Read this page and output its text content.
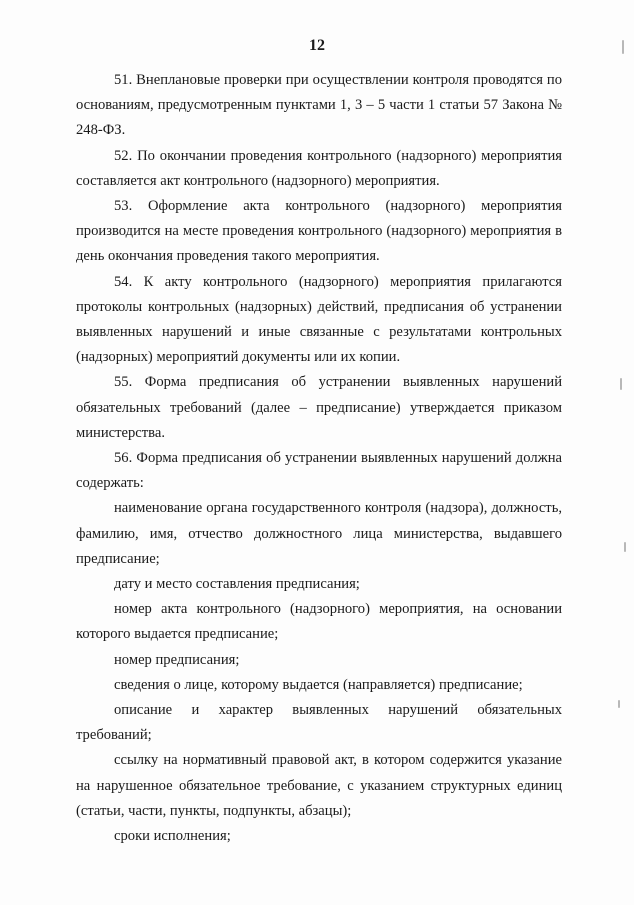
12

51. Внеплановые проверки при осуществлении контроля проводятся по основаниям, предусмотренным пунктами 1, 3 – 5 части 1 статьи 57 Закона № 248-ФЗ.

52. По окончании проведения контрольного (надзорного) мероприятия составляется акт контрольного (надзорного) мероприятия.

53. Оформление акта контрольного (надзорного) мероприятия производится на месте проведения контрольного (надзорного) мероприятия в день окончания проведения такого мероприятия.

54. К акту контрольного (надзорного) мероприятия прилагаются протоколы контрольных (надзорных) действий, предписания об устранении выявленных нарушений и иные связанные с результатами контрольных (надзорных) мероприятий документы или их копии.

55. Форма предписания об устранении выявленных нарушений обязательных требований (далее – предписание) утверждается приказом министерства.

56. Форма предписания об устранении выявленных нарушений должна содержать:

наименование органа государственного контроля (надзора), должность, фамилию, имя, отчество должностного лица министерства, выдавшего предписание;

дату и место составления предписания;

номер акта контрольного (надзорного) мероприятия, на основании которого выдается предписание;

номер предписания;

сведения о лице, которому выдается (направляется) предписание;

описание и характер выявленных нарушений обязательных требований;

ссылку на нормативный правовой акт, в котором содержится указание на нарушенное обязательное требование, с указанием структурных единиц (статьи, части, пункты, подпункты, абзацы);

сроки исполнения;
